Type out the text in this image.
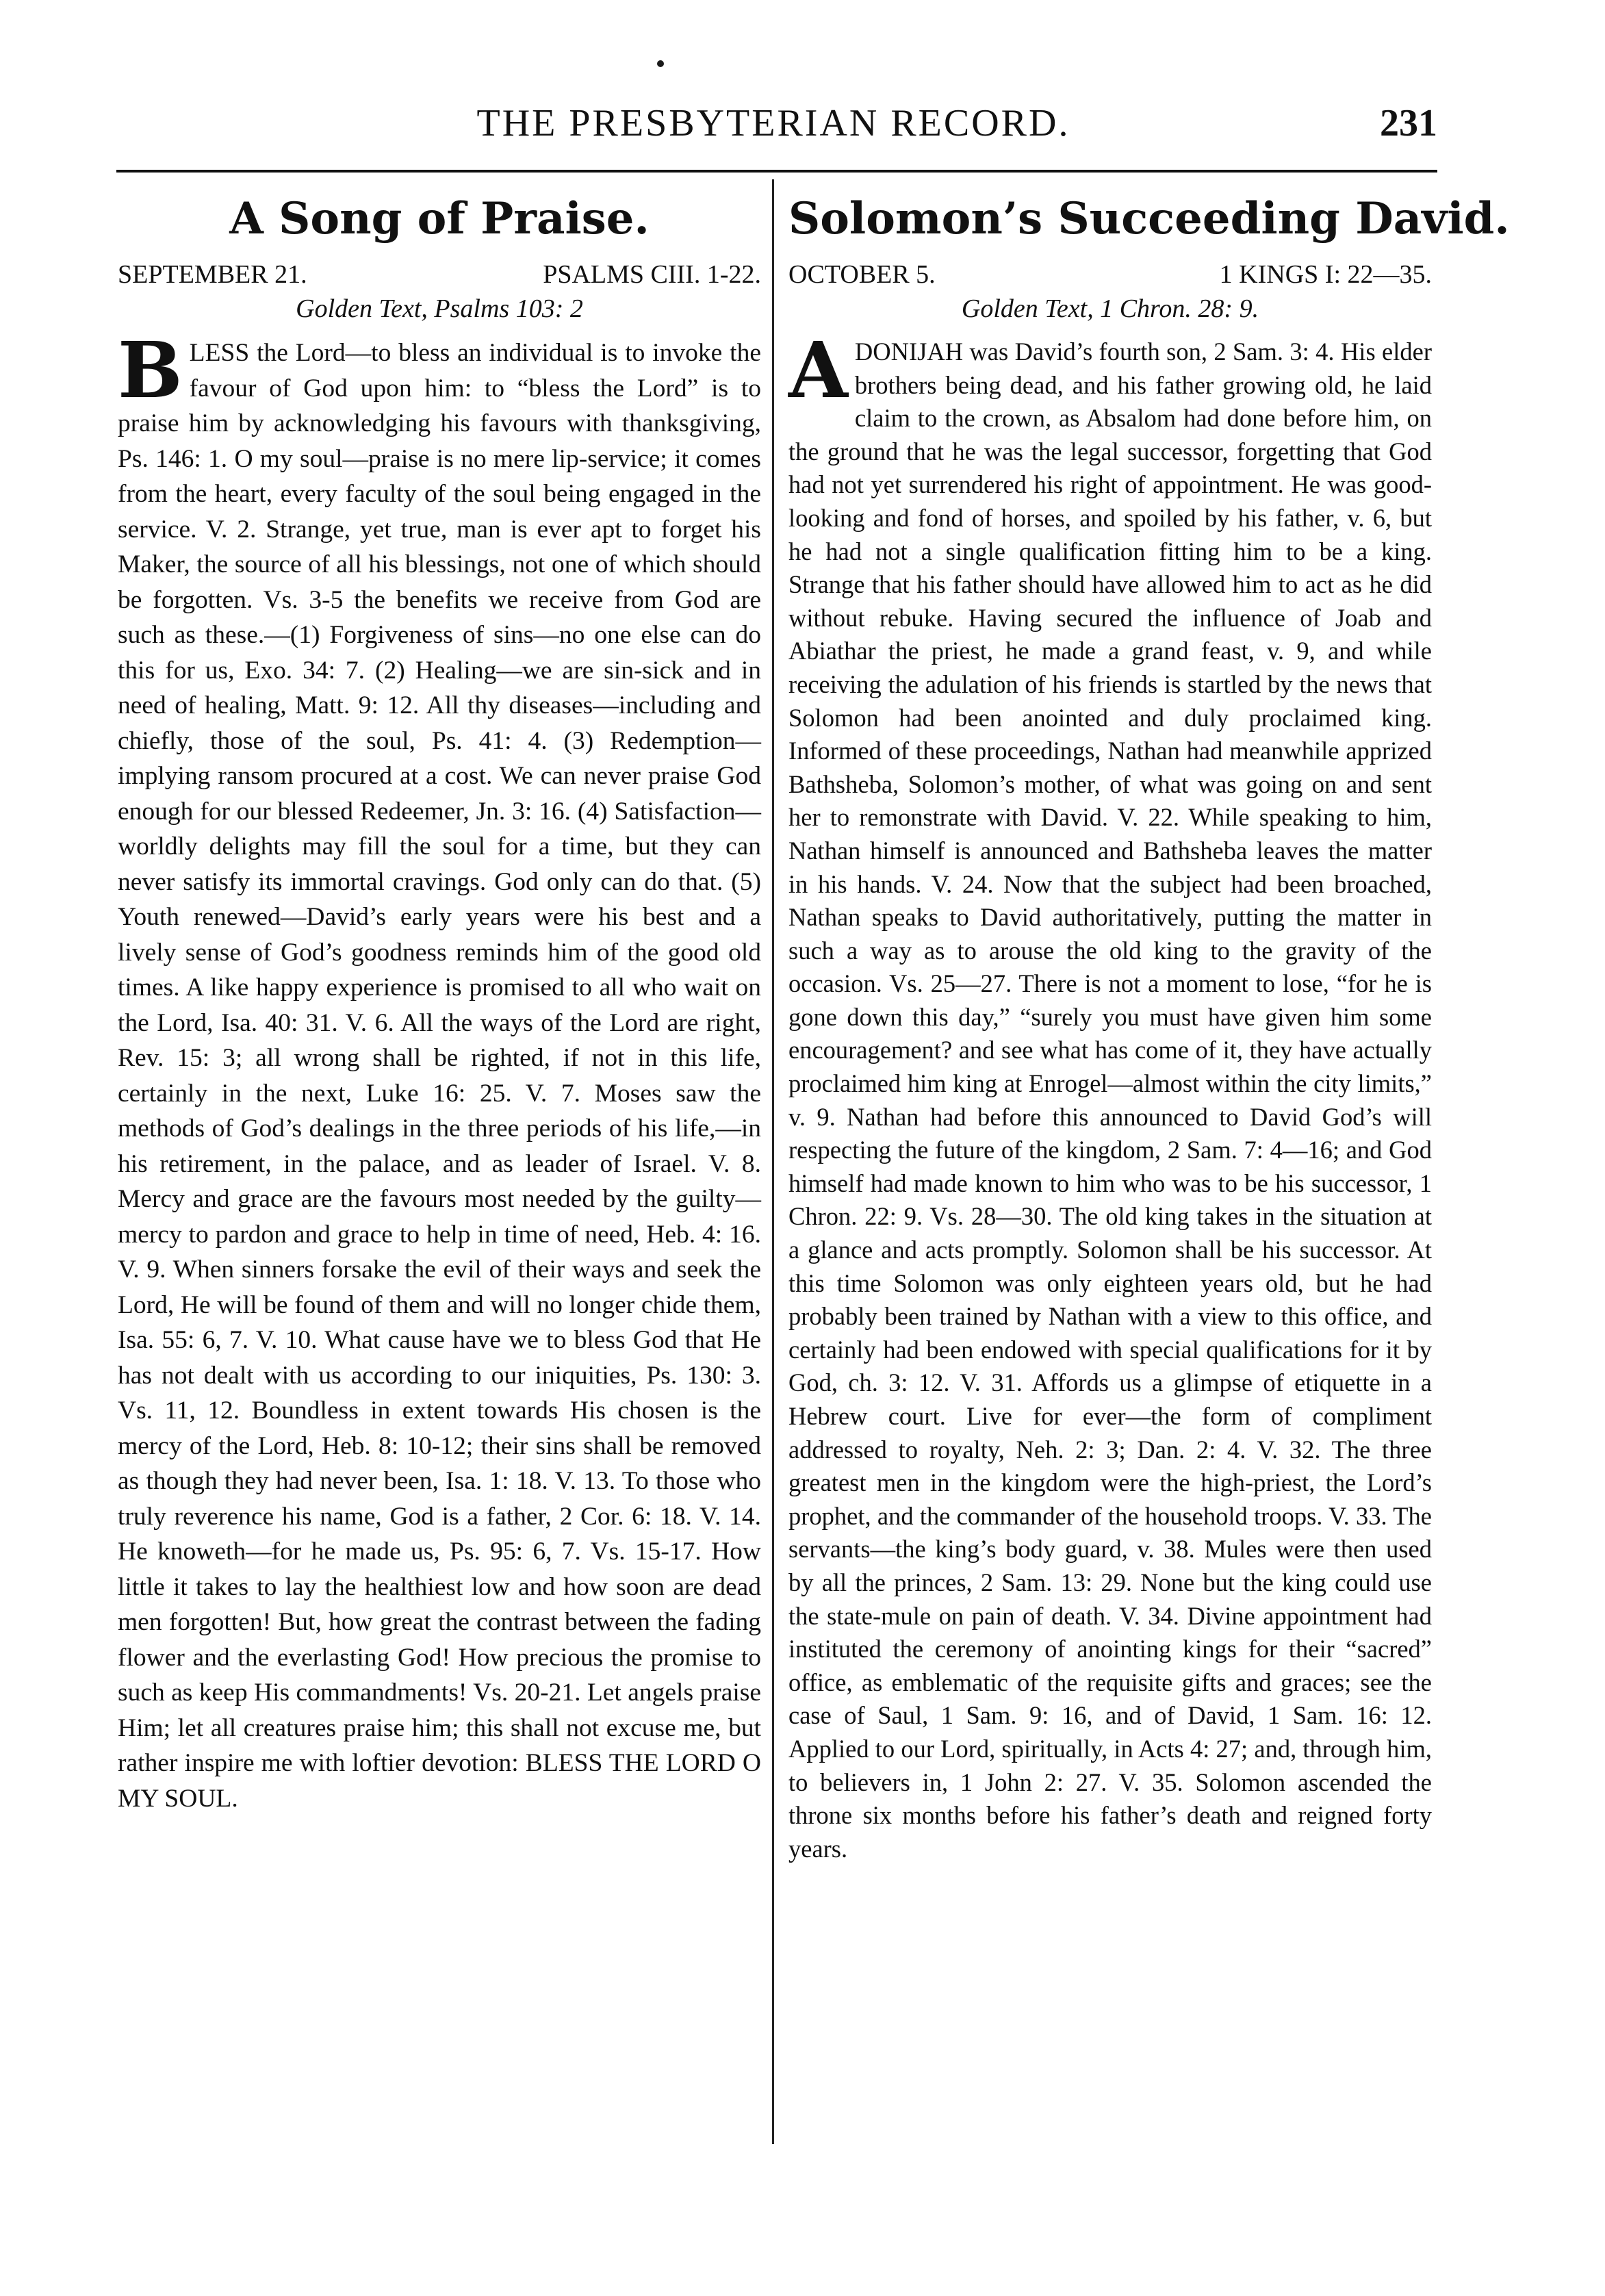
THE PRESBYTERIAN RECORD.	231
A Song of Praise.
SEPTEMBER 21.	PSALMS CIII. 1-22.
Golden Text, Psalms 103: 2
B LESS the Lord—to bless an individual is to invoke the favour of God upon him: to “bless the Lord” is to praise him by acknowledging his favours with thanksgiving, Ps. 146: 1. O my soul—praise is no mere lip-service; it comes from the heart, every faculty of the soul being engaged in the service. V. 2. Strange, yet true, man is ever apt to forget his Maker, the source of all his blessings, not one of which should be forgotten. Vs. 3-5 the benefits we receive from God are such as these.—(1) Forgiveness of sins—no one else can do this for us, Exo. 34: 7. (2) Healing—we are sin-sick and in need of healing, Matt. 9: 12. All thy diseases—including and chiefly, those of the soul, Ps. 41: 4. (3) Redemption—implying ransom procured at a cost. We can never praise God enough for our blessed Redeemer, Jn. 3: 16. (4) Satisfaction—worldly delights may fill the soul for a time, but they can never satisfy its immortal cravings. God only can do that. (5) Youth renewed—David’s early years were his best and a lively sense of God’s goodness reminds him of the good old times. A like happy experience is promised to all who wait on the Lord, Isa. 40: 31. V. 6. All the ways of the Lord are right, Rev. 15: 3; all wrong shall be righted, if not in this life, certainly in the next, Luke 16: 25. V. 7. Moses saw the methods of God’s dealings in the three periods of his life,—in his retirement, in the palace, and as leader of Israel. V. 8. Mercy and grace are the favours most needed by the guilty—mercy to pardon and grace to help in time of need, Heb. 4: 16. V. 9. When sinners forsake the evil of their ways and seek the Lord, He will be found of them and will no longer chide them, Isa. 55: 6, 7. V. 10. What cause have we to bless God that He has not dealt with us according to our iniquities, Ps. 130: 3. Vs. 11, 12. Boundless in extent towards His chosen is the mercy of the Lord, Heb. 8: 10-12; their sins shall be removed as though they had never been, Isa. 1: 18. V. 13. To those who truly reverence his name, God is a father, 2 Cor. 6: 18. V. 14. He knoweth—for he made us, Ps. 95: 6, 7. Vs. 15-17. How little it takes to lay the healthiest low and how soon are dead men forgotten! But, how great the contrast between the fading flower and the everlasting God! How precious the promise to such as keep His commandments! Vs. 20-21. Let angels praise Him; let all creatures praise him; this shall not excuse me, but rather inspire me with loftier devotion: BLESS THE LORD O MY SOUL.
Solomon’s Succeeding David.
OCTOBER 5.	1 KINGS I: 22—35.
Golden Text, 1 Chron. 28: 9.
A DONIJAH was David’s fourth son, 2 Sam. 3: 4. His elder brothers being dead, and his father growing old, he laid claim to the crown, as Absalom had done before him, on the ground that he was the legal successor, forgetting that God had not yet surrendered his right of appointment. He was good-looking and fond of horses, and spoiled by his father, v. 6, but he had not a single qualification fitting him to be a king. Strange that his father should have allowed him to act as he did without rebuke. Having secured the influence of Joab and Abiathar the priest, he made a grand feast, v. 9, and while receiving the adulation of his friends is startled by the news that Solomon had been anointed and duly proclaimed king. Informed of these proceedings, Nathan had meanwhile apprized Bathsheba, Solomon’s mother, of what was going on and sent her to remonstrate with David. V. 22. While speaking to him, Nathan himself is announced and Bathsheba leaves the matter in his hands. V. 24. Now that the subject had been broached, Nathan speaks to David authoritatively, putting the matter in such a way as to arouse the old king to the gravity of the occasion. Vs. 25—27. There is not a moment to lose, “for he is gone down this day,” “surely you must have given him some encouragement? and see what has come of it, they have actually proclaimed him king at Enrogel—almost within the city limits,” v. 9. Nathan had before this announced to David God’s will respecting the future of the kingdom, 2 Sam. 7: 4—16; and God himself had made known to him who was to be his successor, 1 Chron. 22: 9. Vs. 28—30. The old king takes in the situation at a glance and acts promptly. Solomon shall be his successor. At this time Solomon was only eighteen years old, but he had probably been trained by Nathan with a view to this office, and certainly had been endowed with special qualifications for it by God, ch. 3: 12. V. 31. Affords us a glimpse of etiquette in a Hebrew court. Live for ever—the form of compliment addressed to royalty, Neh. 2: 3; Dan. 2: 4. V. 32. The three greatest men in the kingdom were the high-priest, the Lord’s prophet, and the commander of the household troops. V. 33. The servants—the king’s body guard, v. 38. Mules were then used by all the princes, 2 Sam. 13: 29. None but the king could use the state-mule on pain of death. V. 34. Divine appointment had instituted the ceremony of anointing kings for their “sacred” office, as emblematic of the requisite gifts and graces; see the case of Saul, 1 Sam. 9: 16, and of David, 1 Sam. 16: 12. Applied to our Lord, spiritually, in Acts 4: 27; and, through him, to believers in, 1 John 2: 27. V. 35. Solomon ascended the throne six months before his father’s death and reigned forty years.
